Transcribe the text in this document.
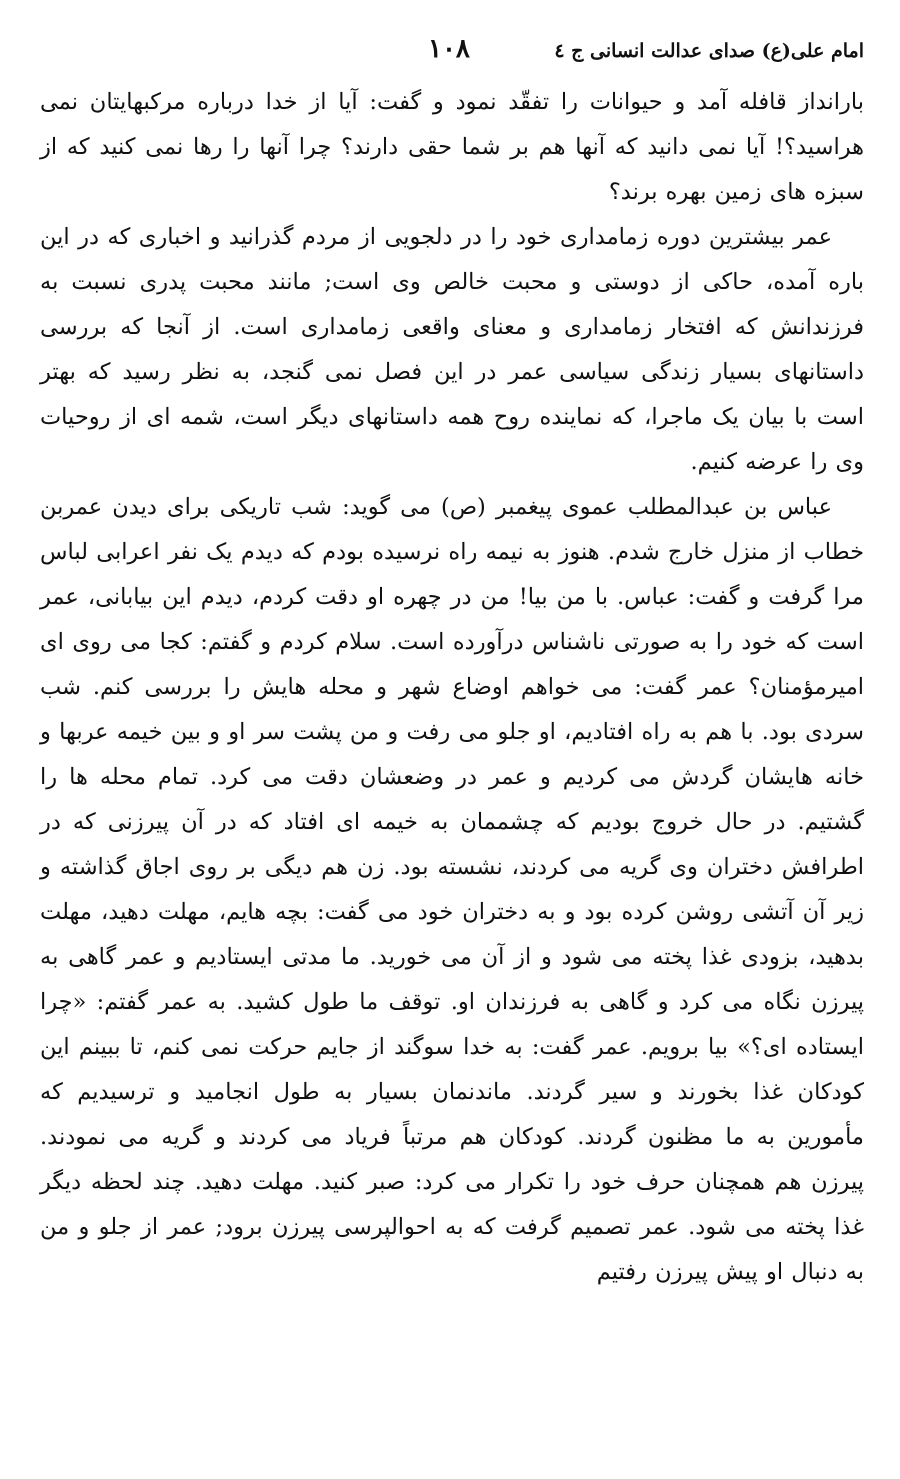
امام علی(ع) صدای عدالت انسانی ج ٤
١٠٨

بارانداز قافله آمد و حیوانات را تفقّد نمود و گفت: آیا از خدا درباره مرکبهایتان نمی هراسید؟! آیا نمی دانید که آنها هم بر شما حقی دارند؟ چرا آنها را رها نمی کنید که از سبزه های زمین بهره برند؟

عمر بیشترین دوره زمامداری خود را در دلجویی از مردم گذرانید و اخباری که در این باره آمده، حاکی از دوستی و محبت خالص وی است; مانند محبت پدری نسبت به فرزندانش که افتخار زمامداری و معنای واقعی زمامداری است. از آنجا که بررسی داستانهای بسیار زندگی سیاسی عمر در این فصل نمی گنجد، به نظر رسید که بهتر است با بیان یک ماجرا، که نماینده روح همه داستانهای دیگر است، شمه ای از روحیات وی را عرضه کنیم.

عباس بن عبدالمطلب عموی پیغمبر (ص) می گوید: شب تاریکی برای دیدن عمربن خطاب از منزل خارج شدم. هنوز به نیمه راه نرسیده بودم که دیدم یک نفر اعرابی لباس مرا گرفت و گفت: عباس. با من بیا! من در چهره او دقت کردم، دیدم این بیابانی، عمر است که خود را به صورتی ناشناس درآورده است. سلام کردم و گفتم: کجا می روی ای امیرمؤمنان؟ عمر گفت: می خواهم اوضاع شهر و محله هایش را بررسی کنم. شب سردی بود. با هم به راه افتادیم، او جلو می رفت و من پشت سر او و بین خیمه عربها و خانه هایشان گردش می کردیم و عمر در وضعشان دقت می کرد. تمام محله ها را گشتیم. در حال خروج بودیم که چشممان به خیمه ای افتاد که در آن پیرزنی که در اطرافش دختران وی گریه می کردند، نشسته بود. زن هم دیگی بر روی اجاق گذاشته و زیر آن آتشی روشن کرده بود و به دختران خود می گفت: بچه هایم، مهلت دهید، مهلت بدهید، بزودی غذا پخته می شود و از آن می خورید. ما مدتی ایستادیم و عمر گاهی به پیرزن نگاه می کرد و گاهی به فرزندان او. توقف ما طول کشید. به عمر گفتم: «چرا ایستاده ای؟» بیا برویم. عمر گفت: به خدا سوگند از جایم حرکت نمی کنم، تا ببینم این کودکان غذا بخورند و سیر گردند. ماندنمان بسیار به طول انجامید و ترسیدیم که مأمورین به ما مظنون گردند. کودکان هم مرتباً فریاد می کردند و گریه می نمودند. پیرزن هم همچنان حرف خود را تکرار می کرد: صبر کنید. مهلت دهید. چند لحظه دیگر غذا پخته می شود. عمر تصمیم گرفت که به احوالپرسی پیرزن برود; عمر از جلو و من به دنبال او پیش پیرزن رفتیم
